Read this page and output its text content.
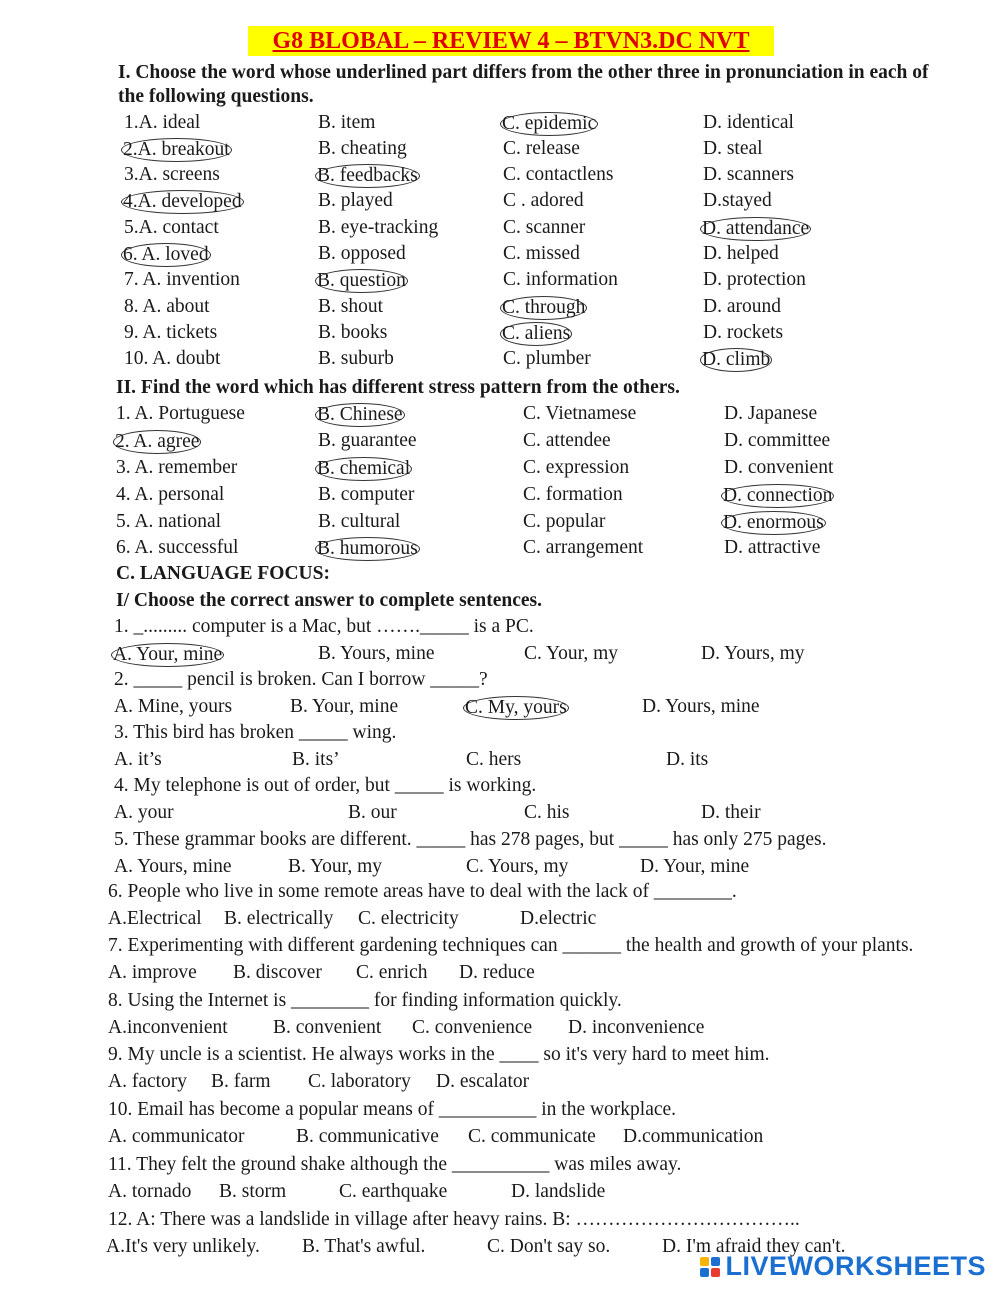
G8 BLOBAL – REVIEW 4 – BTVN3.DC NVT
I. Choose the word whose underlined part differs from the other three in pronunciation in each of
the following questions.
1.A. ideal	B. item	C. epidemic	D. identical
2.A. breakout	B. cheating	C. release	D. steal
3.A. screens	B. feedbacks	C. contactlens	D. scanners
4.A. developed	B. played	C . adored	D.stayed
5.A. contact	B. eye-tracking	C. scanner	D. attendance
6. A. loved	B. opposed	C. missed	D. helped
7. A. invention	B. question	C. information	D. protection
8. A. about	B. shout	C. through	D. around
9. A. tickets	B. books	C. aliens	D. rockets
10. A. doubt	B. suburb	C. plumber	D. climb
II. Find the word which has different stress pattern from the others.
1. A. Portuguese	B. Chinese	C. Vietnamese	D. Japanese
2. A. agree	B. guarantee	C. attendee	D. committee
3. A. remember	B. chemical	C. expression	D. convenient
4. A. personal	B. computer	C. formation	D. connection
5. A. national	B. cultural	C. popular	D. enormous
6. A. successful	B. humorous	C. arrangement	D. attractive
C. LANGUAGE FOCUS:
I/ Choose the correct answer to complete sentences.
1. _......... computer is a Mac, but ……._____ is a PC.
A. Your, mine	B. Yours, mine	C. Your, my	D. Yours, my
2. _____ pencil is broken. Can I borrow _____?
A. Mine, yours	B. Your, mine	C. My, yours	D. Yours, mine
3. This bird has broken _____ wing.
A. it’s	B. its’	C. hers	D. its
4. My telephone is out of order, but _____ is working.
A. your	B. our	C. his	D. their
5. These grammar books are different. _____ has 278 pages, but _____ has only 275 pages.
A. Yours, mine	B. Your, my	C. Yours, my	D. Your, mine
6. People who live in some remote areas have to deal with the lack of ________.
A.Electrical B. electrically C. electricity	D.electric
7. Experimenting with different gardening techniques can ______ the health and growth of your plants.
A. improve B. discover C. enrich D. reduce
8. Using the Internet is ________ for finding information quickly.
A.inconvenient B. convenient C. convenience D. inconvenience
9. My uncle is a scientist. He always works in the ____ so it's very hard to meet him.
A. factory B. farm C. laboratory D. escalator
10. Email has become a popular means of __________ in the workplace.
A. communicator	B. communicative C. communicate D.communication
11. They felt the ground shake although the __________ was miles away.
A. tornado B. storm	C. earthquake	D. landslide
12. A: There was a landslide in village after heavy rains. B: ……………………………..
A.It's very unlikely. B. That's awful.	C. Don't say so.	D. I'm afraid they can't.
LIVEWORKSHEETS
